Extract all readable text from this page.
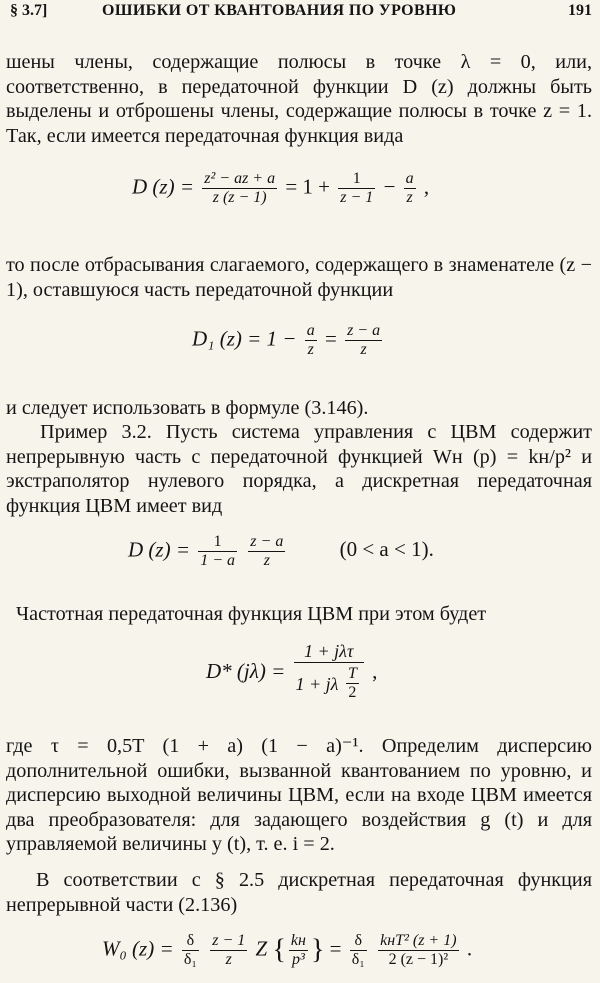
§ 3.7]	ОШИБКИ ОТ КВАНТОВАНИЯ ПО УРОВНЮ	191
шены члены, содержащие полюсы в точке λ = 0, или, соответственно, в передаточной функции D (z) должны быть выделены и отброшены члены, содержащие полюсы в точке z = 1. Так, если имеется передаточная функция вида
D $(z) = \frac{\text{z² − az + a}}{z (z - 1)} = 1 + \frac{1}{z - 1} - \frac{a}{z}$ ,
то после отбрасывания слагаемого, содержащего в знаменателе (z − 1), оставшуюся часть передаточной функции
D₁ $(z) = 1 - \frac{a}{z} = \frac{z - a}{z}$
и следует использовать в формуле (3.146).
Пример 3.2. Пусть система управления с ЦВМ содержит непрерывную часть с передаточной функцией Wн (p) = kн/p² и экстраполятор нулевого порядка, а дискретная передаточная функция ЦВМ имеет вид
D $(z) = \frac{1}{1 - a}$
$\frac{z - a}{z}$	(0 < a < 1).
Частотная передаточная функция ЦВМ при этом будет
D* $(j\lambda) = \frac{\text{1 + jλτ}}{1 + j\lambda \frac{T}{2}}$ ,
где τ = 0,5T (1 + a) (1 − a)⁻¹. Определим дисперсию дополнительной ошибки, вызванной квантованием по уровню, и дисперсию выходной величины ЦВМ, если на входе ЦВМ имеется два преобразователя: для задающего воздействия g (t) и для управляемой величины y (t), т. е. i = 2.
В соответствии с § 2.5 дискретная передаточная функция непрерывной части (2.136)
W₀ $(z) = \frac{\delta}{\text{δ₁}}$
$\frac{z - 1}{z}$ Z { $\frac{kн}{\text{p³}}$ } = $\frac{\delta}{\text{δ₁}}$
$\frac{\text{kнT² (z + 1)}}{\text{2 (z − 1)²}}$ .
